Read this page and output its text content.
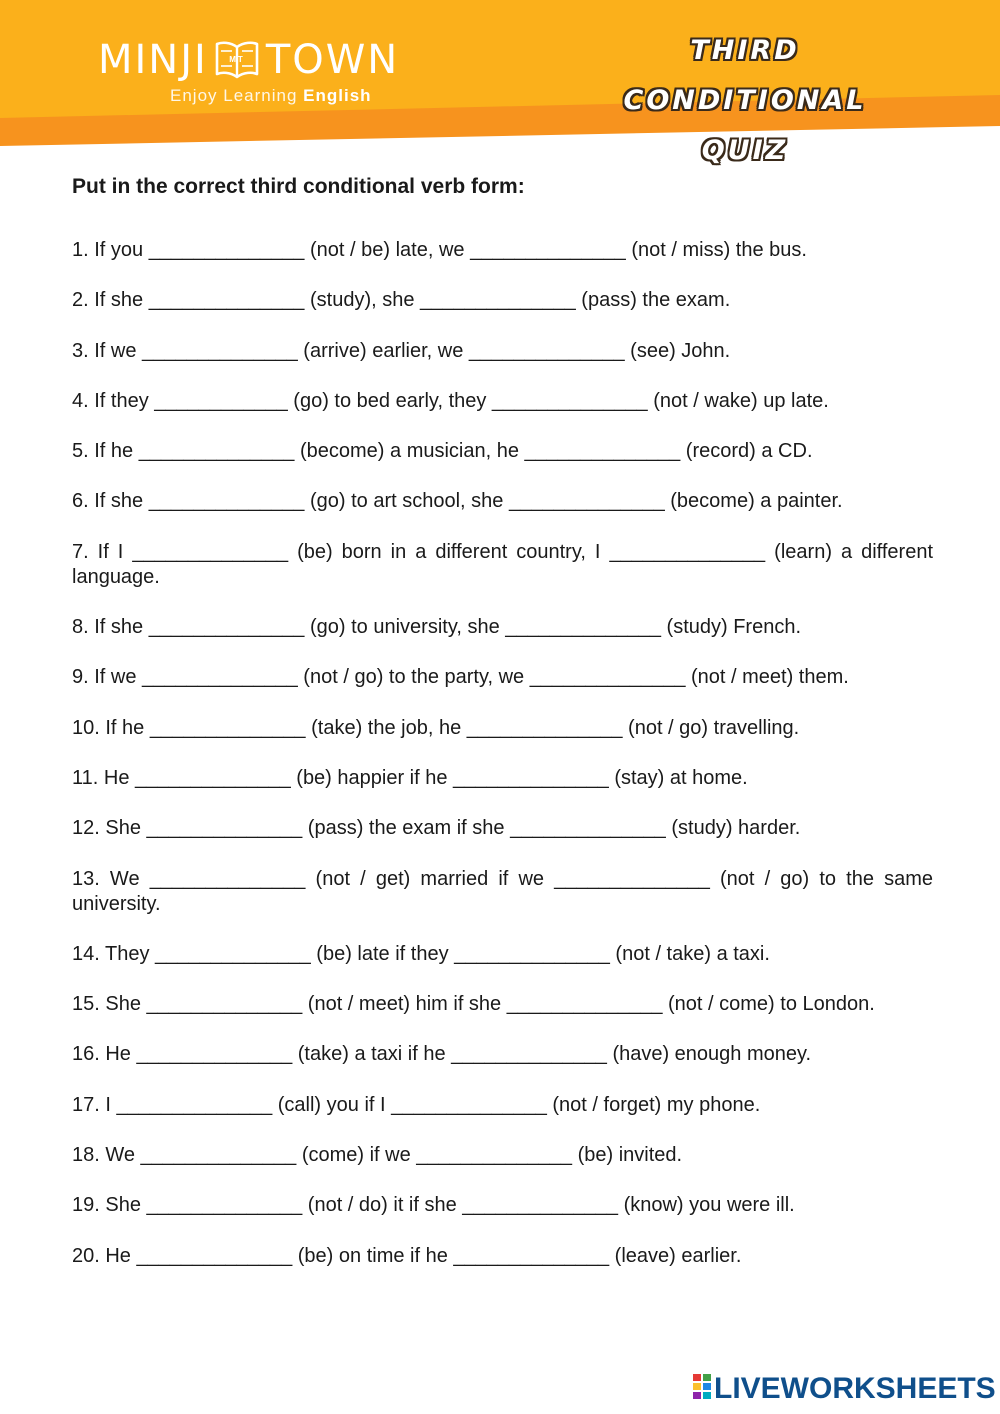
MINJI	MT TOWN
Enjoy Learning English
THIRD CONDITIONAL
QUIZ
Put in the correct third conditional verb form:

1. If you ______________ (not / be) late, we ______________ (not / miss) the bus.

2. If she ______________ (study), she ______________ (pass) the exam.

3. If we ______________ (arrive) earlier, we ______________ (see) John.

4. If they ____________ (go) to bed early, they ______________ (not / wake) up late.

5. If he ______________ (become) a musician, he ______________ (record) a CD.

6. If she ______________ (go) to art school, she ______________ (become) a painter.

7. If I ______________ (be) born in a different country, I ______________ (learn) a different language.

8. If she ______________ (go) to university, she ______________ (study) French.

9. If we ______________ (not / go) to the party, we ______________ (not / meet) them.

10. If he ______________ (take) the job, he ______________ (not / go) travelling.

11. He ______________ (be) happier if he ______________ (stay) at home.

12. She ______________ (pass) the exam if she ______________ (study) harder.

13. We ______________ (not / get) married if we ______________ (not / go) to the same university.

14. They ______________ (be) late if they ______________ (not / take) a taxi.

15. She ______________ (not / meet) him if she ______________ (not / come) to London.

16. He ______________ (take) a taxi if he ______________ (have) enough money.

17. I ______________ (call) you if I ______________ (not / forget) my phone.

18. We ______________ (come) if we ______________ (be) invited.

19. She ______________ (not / do) it if she ______________ (know) you were ill.

20. He ______________ (be) on time if he ______________ (leave) earlier.

LIVEWORKSHEETS
